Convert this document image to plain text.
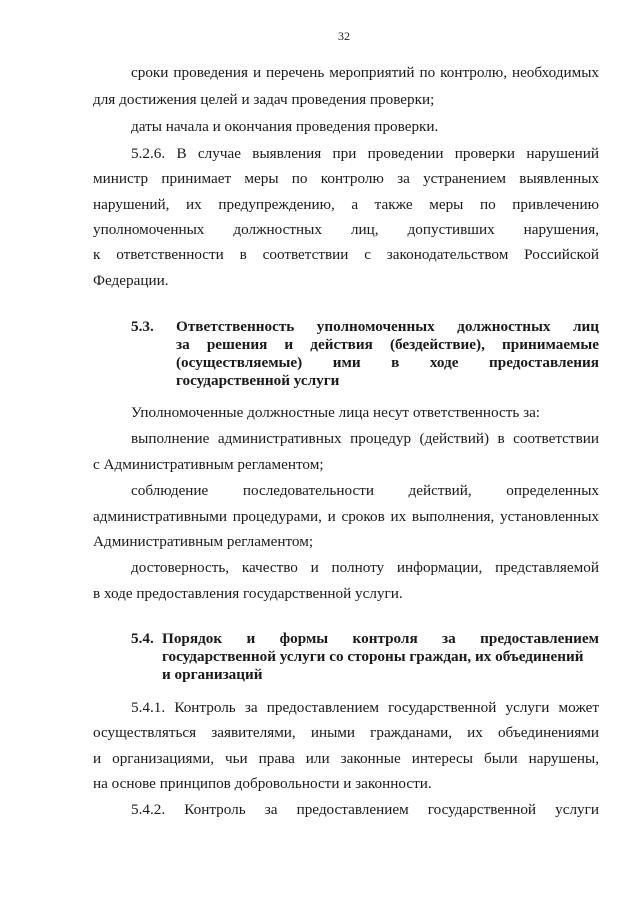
32
сроки проведения и перечень мероприятий по контролю, необходимых
для достижения целей и задач проведения проверки;
даты начала и окончания проведения проверки.
5.2.6. В случае выявления при проведении проверки нарушений
министр принимает меры по контролю за устранением выявленных
нарушений, их предупреждению, а также меры по привлечению
уполномоченных должностных лиц, допустивших нарушения,
к ответственности в соответствии с законодательством Российской
Федерации.
5.3. Ответственность уполномоченных должностных лиц
за решения и действия (бездействие), принимаемые
(осуществляемые) ими в ходе предоставления
государственной услуги
Уполномоченные должностные лица несут ответственность за:
выполнение административных процедур (действий) в соответствии
с Административным регламентом;
соблюдение последовательности действий, определенных
административными процедурами, и сроков их выполнения, установленных
Административным регламентом;
достоверность, качество и полноту информации, представляемой
в ходе предоставления государственной услуги.
5.4. Порядок и формы контроля за предоставлением
государственной услуги со стороны граждан, их объединений
и организаций
5.4.1. Контроль за предоставлением государственной услуги может
осуществляться заявителями, иными гражданами, их объединениями
и организациями, чьи права или законные интересы были нарушены,
на основе принципов добровольности и законности.
5.4.2. Контроль за предоставлением государственной услуги
